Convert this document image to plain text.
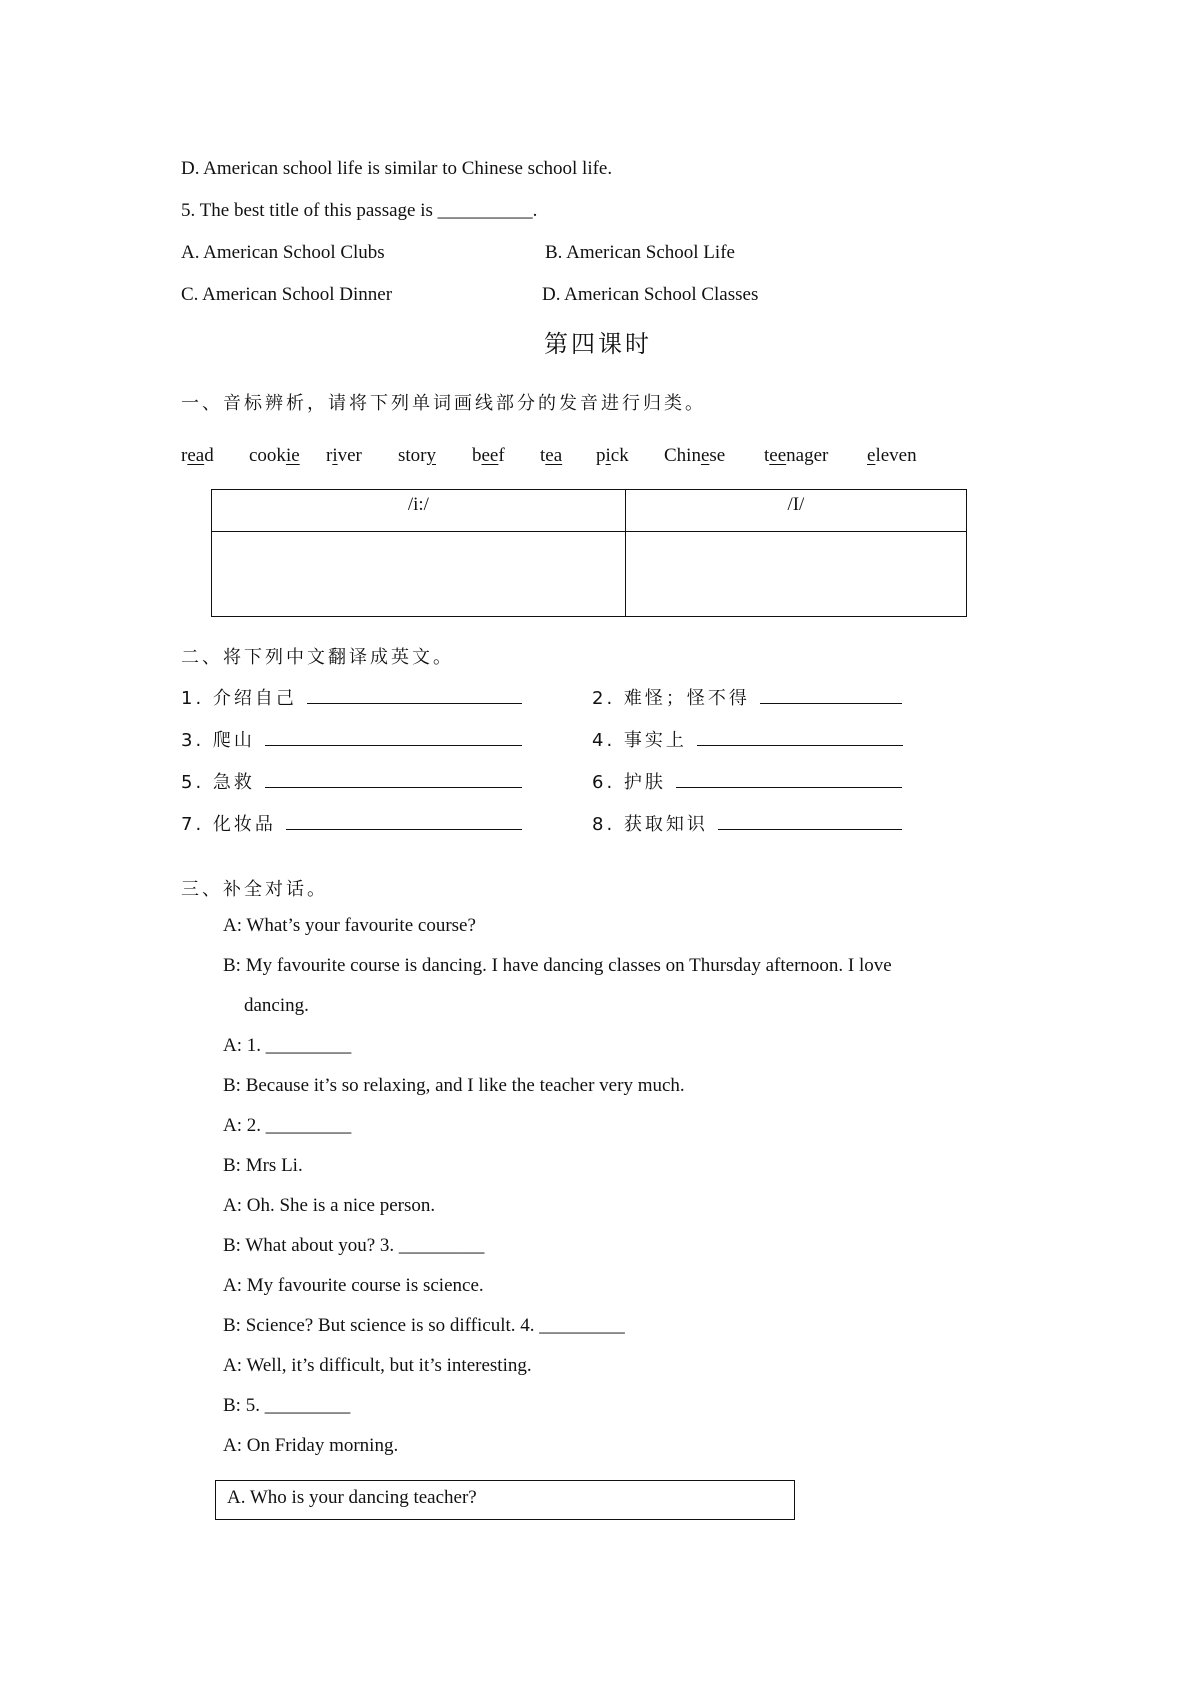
D. American school life is similar to Chinese school life.
5. The best title of this passage is __________.
A. American School Clubs	B. American School Life
C. American School Dinner	D. American School Classes
第四课时
一、音标辨析，请将下列单词画线部分的发音进行归类。
read cookie river story beef tea pick Chinese teenager eleven
/i:/	/I/

二、将下列中文翻译成英文。
1. 介绍自己	2. 难怪；怪不得
3. 爬山	4. 事实上
5. 急救	6. 护肤
7. 化妆品	8. 获取知识
三、补全对话。
A: What’s your favourite course?
B: My favourite course is dancing. I have dancing classes on Thursday afternoon. I love
dancing.
A: 1. _________
B: Because it’s so relaxing, and I like the teacher very much.
A: 2. _________
B: Mrs Li.
A: Oh. She is a nice person.
B: What about you? 3. _________
A: My favourite course is science.
B: Science? But science is so difficult. 4. _________
A: Well, it’s difficult, but it’s interesting.
B: 5. _________
A: On Friday morning.
A. Who is your dancing teacher?
